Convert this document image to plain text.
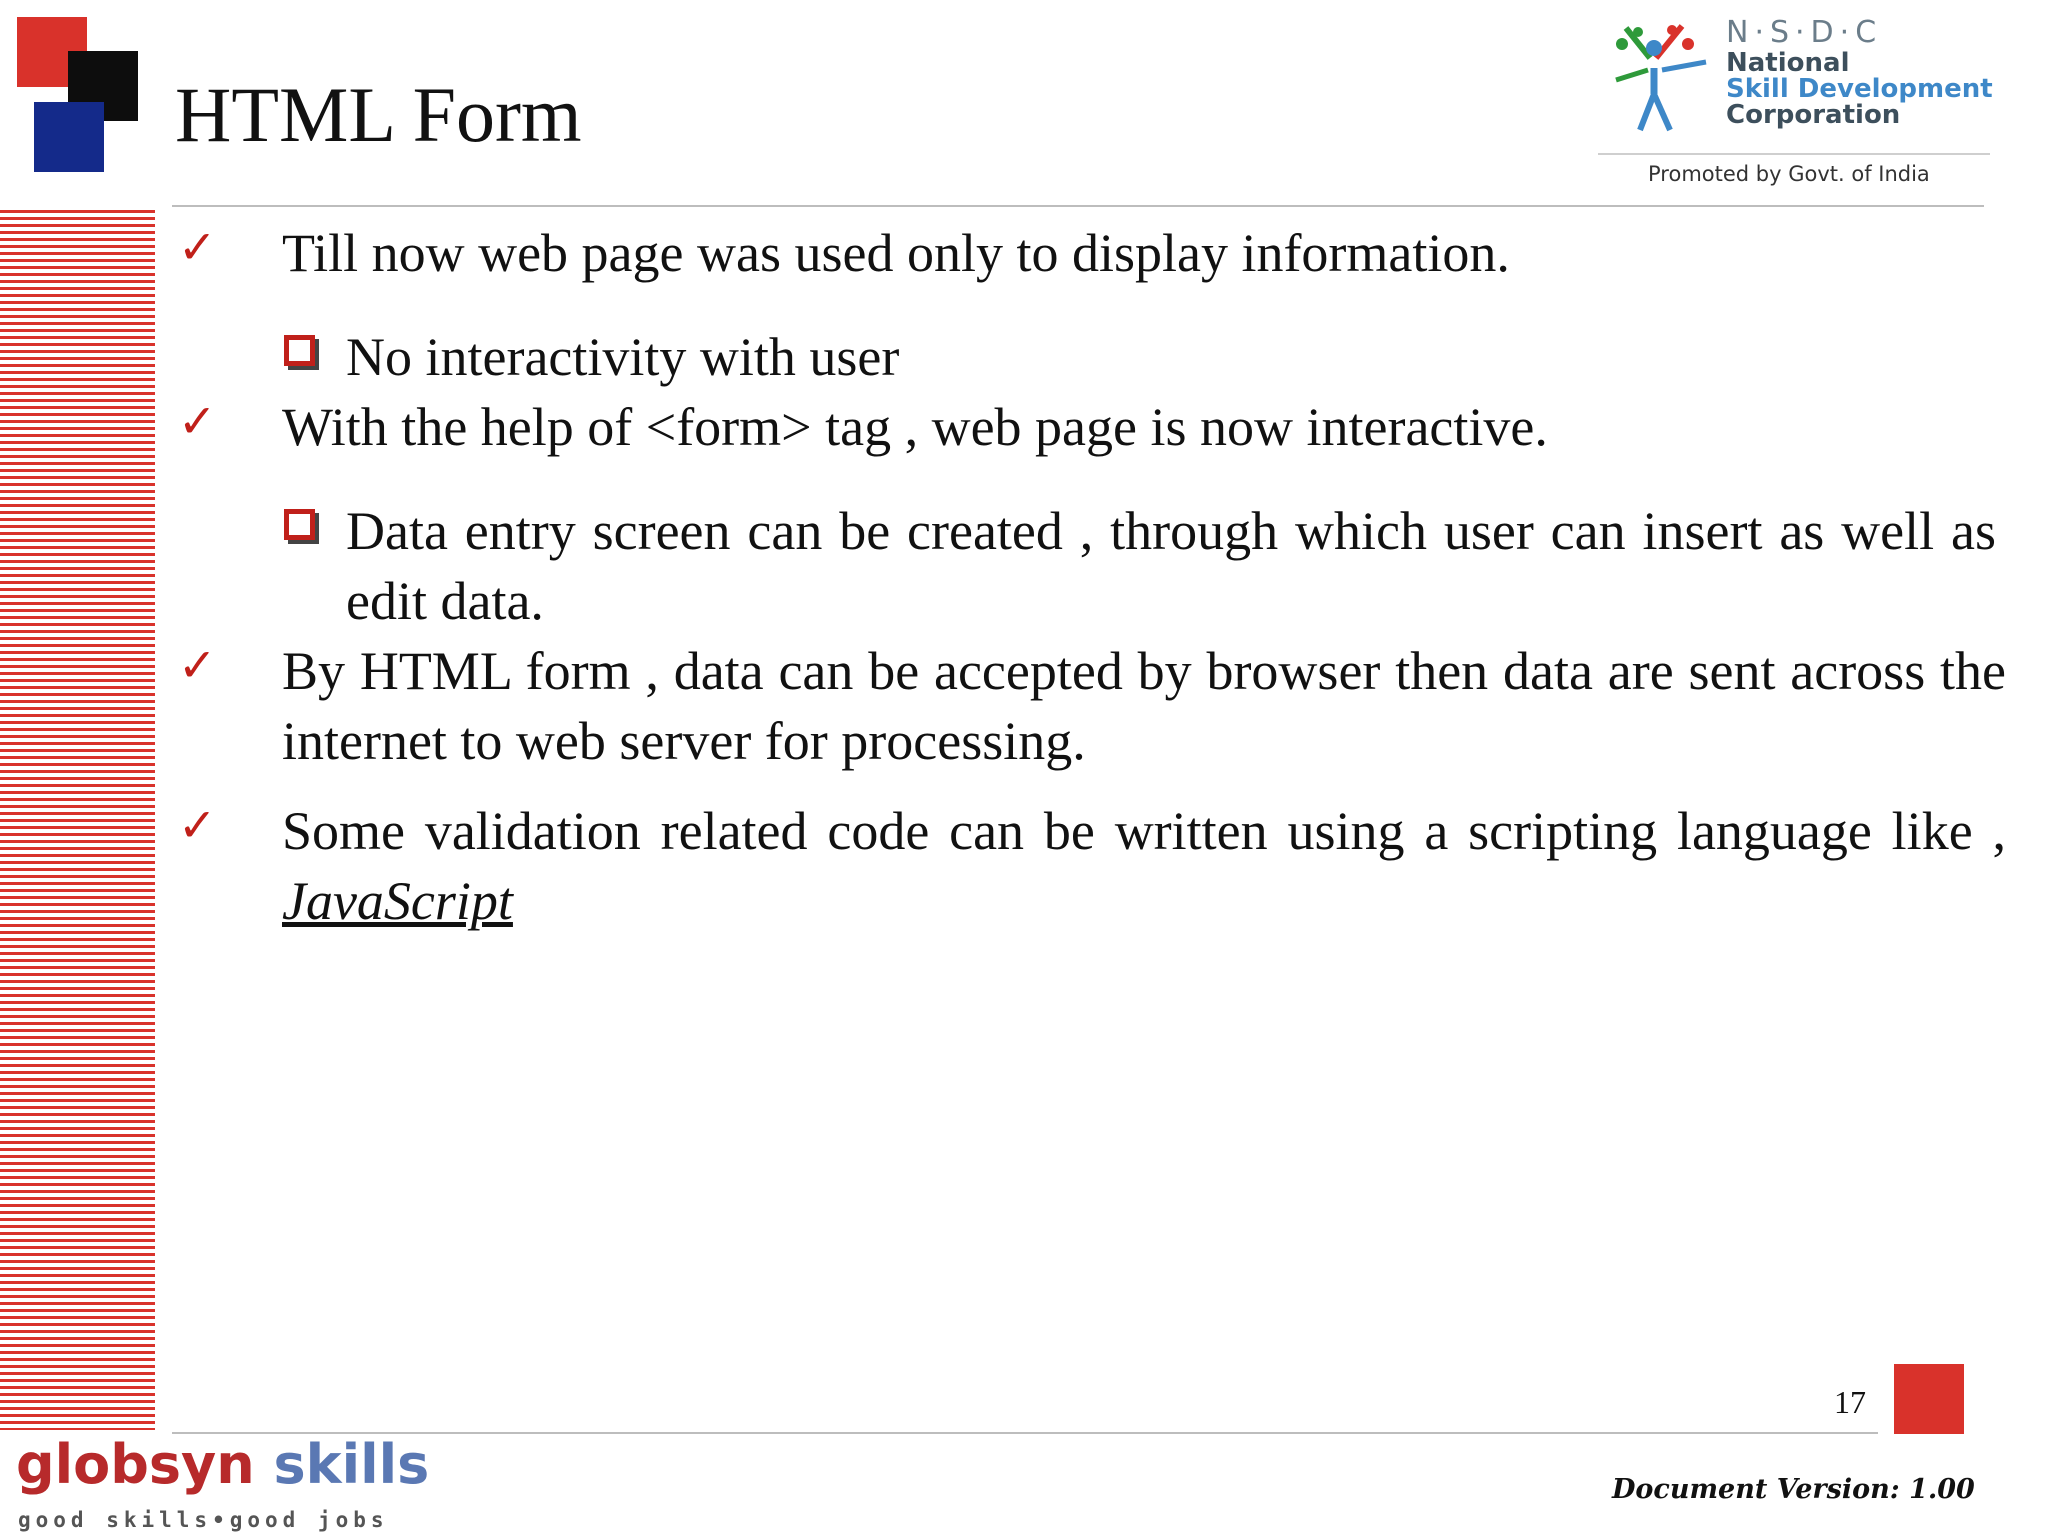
HTML Form
N·S·D·C
National
Skill Development
Corporation
Promoted by Govt. of India
✓ Till now web page was used only to display information.
No interactivity with user
✓ With the help of <form> tag , web page is now interactive.
Data entry screen can be created , through which user can insert as well as edit data.
✓ By HTML form , data can be accepted by browser then data are sent across the internet to web server for processing.
✓ Some validation related code can be written using a scripting language like , JavaScript
17
globsyn skills
good skills•good jobs
Document Version: 1.00
